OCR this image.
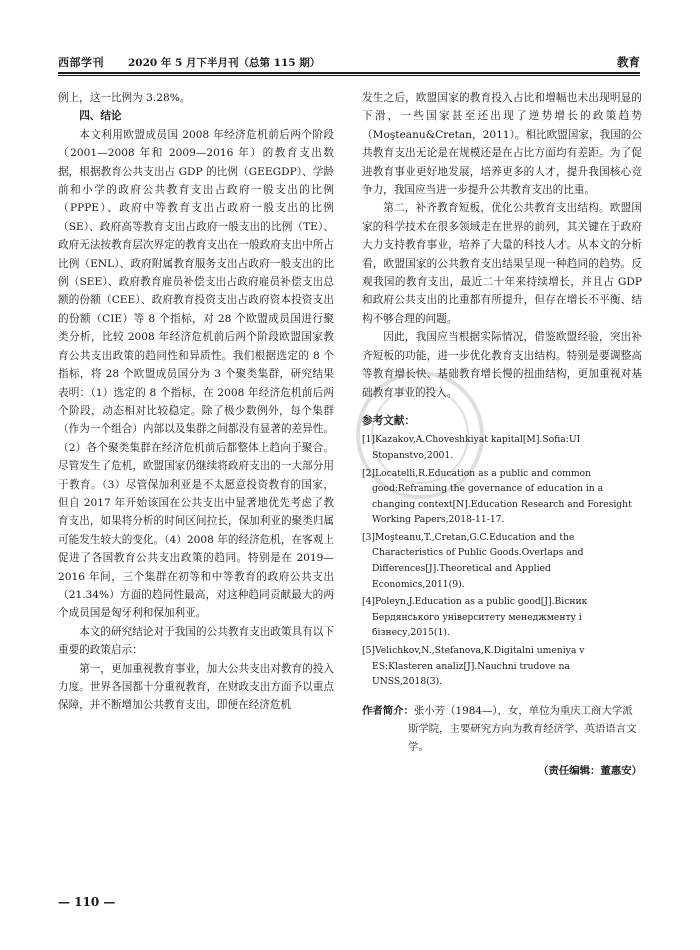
西部学刊 2020 年 5 月下半月刊（总第 115 期）	教育

例上，这一比例为 3.28%。

四、结论

本文利用欧盟成员国 2008 年经济危机前后两个阶段（2001—2008 年和 2009—2016 年）的教育支出数据，根据教育公共支出占 GDP 的比例（GEEGDP）、学龄前和小学的政府公共教育支出占政府一般支出的比例（PPPE）、政府中等教育支出占政府一般支出的比例（SE）、政府高等教育支出占政府一般支出的比例（TE）、政府无法按教育层次界定的教育支出在一般政府支出中所占比例（ENL）、政府附属教育服务支出占政府一般支出的比例（SEE）、政府教育雇员补偿支出占政府雇员补偿支出总额的份额（CEE）、政府教育投资支出占政府资本投资支出的份额（CIE）等 8 个指标，对 28 个欧盟成员国进行聚类分析，比较 2008 年经济危机前后两个阶段欧盟国家教育公共支出政策的趋同性和异质性。我们根据选定的 8 个指标，将 28 个欧盟成员国分为 3 个聚类集群，研究结果表明：（1）选定的 8 个指标，在 2008 年经济危机前后两个阶段，动态相对比较稳定。除了极少数例外，每个集群（作为一个组合）内部以及集群之间都没有显著的差异性。（2）各个聚类集群在经济危机前后都整体上趋向于聚合。尽管发生了危机，欧盟国家仍继续将政府支出的一大部分用于教育。（3）尽管保加利亚是不太愿意投资教育的国家，但自 2017 年开始该国在公共支出中显著地优先考虑了教育支出，如果将分析的时间区间拉长，保加利亚的聚类归属可能发生较大的变化。（4）2008 年的经济危机，在客观上促进了各国教育公共支出政策的趋同。特别是在 2019—2016 年间，三个集群在初等和中等教育的政府公共支出（21.34%）方面的趋同性最高，对这种趋同贡献最大的两个成员国是匈牙利和保加利亚。

本文的研究结论对于我国的公共教育支出政策具有以下重要的政策启示：

第一，更加重视教育事业，加大公共支出对教育的投入力度。世界各国都十分重视教育，在财政支出方面予以重点保障，并不断增加公共教育支出，即便在经济危机

发生之后，欧盟国家的教育投入占比和增幅也未出现明显的下滑，一些国家甚至还出现了逆势增长的政策趋势（Moşteanu&Cretan，2011）。相比欧盟国家，我国的公共教育支出无论是在规模还是在占比方面均有差距。为了促进教育事业更好地发展，培养更多的人才，提升我国核心竞争力，我国应当进一步提升公共教育支出的比重。

第二，补齐教育短板，优化公共教育支出结构。欧盟国家的科学技术在很多领域走在世界的前列，其关键在于政府大力支持教育事业，培养了大量的科技人才。从本文的分析看，欧盟国家的公共教育支出结果呈现一种趋同的趋势。反观我国的教育支出，最近二十年来持续增长，并且占 GDP 和政府公共支出的比重都有所提升，但存在增长不平衡、结构不够合理的问题。

因此，我国应当根据实际情况，借鉴欧盟经验，突出补齐短板的功能，进一步优化教育支出结构。特别是要调整高等教育增长快、基础教育增长慢的扭曲结构，更加重视对基础教育事业的投入。

参考文献：

[1]Kazakov,A.Choveshkiyat kapital[M].Sofia:UI Stopanstvo,2001.

[2]Locatelli,R.Education as a public and common good:Reframing the governance of education in a changing context[N].Education Research and Foresight Working Papers,2018-11-17.

[3]Moşteanu,T.,Cretan,G.C.Education and the Characteristics of Public Goods.Overlaps and Differences[J].Theoretical and Applied Economics,2011(9).

[4]Poleyn,J.Education as a public good[J].Вісник Бердянського університету менеджменту і бізнесу,2015(1).

[5]Velichkov,N.,Stefanova,K.Digitalni umeniya v ES:Klasteren analiz[J].Nauchni trudove na UNSS,2018(3).

作者简介：张小芳（1984—），女，单位为重庆工商大学派斯学院，主要研究方向为教育经济学、英语语言文学。

（责任编辑：董惠安）

— 110 —
